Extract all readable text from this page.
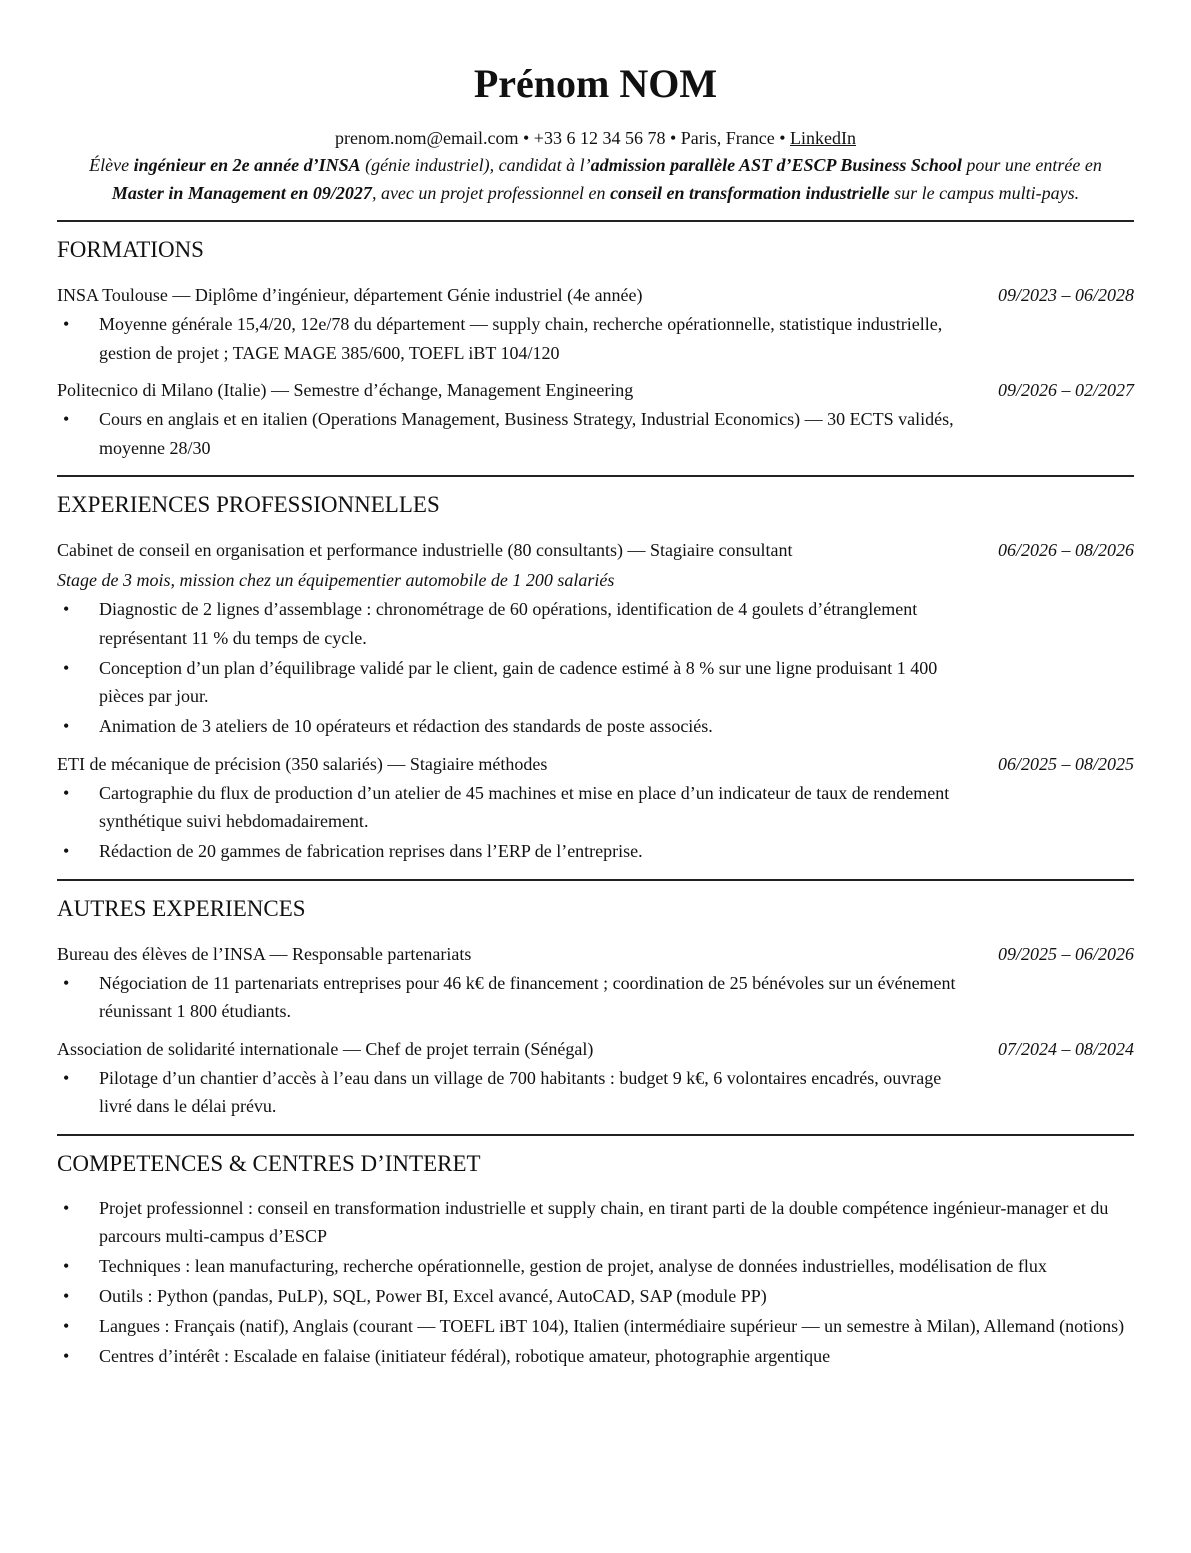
Prénom NOM
prenom.nom@email.com • +33 6 12 34 56 78 • Paris, France • LinkedIn
Élève ingénieur en 2e année d’INSA (génie industriel), candidat à l’admission parallèle AST d’ESCP Business School pour une entrée en Master in Management en 09/2027, avec un projet professionnel en conseil en transformation industrielle sur le campus multi-pays.
FORMATIONS
INSA Toulouse — Diplôme d’ingénieur, département Génie industriel (4e année)	09/2023 – 06/2028
• Moyenne générale 15,4/20, 12e/78 du département — supply chain, recherche opérationnelle, statistique industrielle, gestion de projet ; TAGE MAGE 385/600, TOEFL iBT 104/120
Politecnico di Milano (Italie) — Semestre d’échange, Management Engineering	09/2026 – 02/2027
• Cours en anglais et en italien (Operations Management, Business Strategy, Industrial Economics) — 30 ECTS validés, moyenne 28/30
EXPERIENCES PROFESSIONNELLES
Cabinet de conseil en organisation et performance industrielle (80 consultants) — Stagiaire consultant	06/2026 – 08/2026
Stage de 3 mois, mission chez un équipementier automobile de 1 200 salariés
• Diagnostic de 2 lignes d’assemblage : chronométrage de 60 opérations, identification de 4 goulets d’étranglement représentant 11 % du temps de cycle.
• Conception d’un plan d’équilibrage validé par le client, gain de cadence estimé à 8 % sur une ligne produisant 1 400 pièces par jour.
• Animation de 3 ateliers de 10 opérateurs et rédaction des standards de poste associés.
ETI de mécanique de précision (350 salariés) — Stagiaire méthodes	06/2025 – 08/2025
• Cartographie du flux de production d’un atelier de 45 machines et mise en place d’un indicateur de taux de rendement synthétique suivi hebdomadairement.
• Rédaction de 20 gammes de fabrication reprises dans l’ERP de l’entreprise.
AUTRES EXPERIENCES
Bureau des élèves de l’INSA — Responsable partenariats	09/2025 – 06/2026
• Négociation de 11 partenariats entreprises pour 46 k€ de financement ; coordination de 25 bénévoles sur un événement réunissant 1 800 étudiants.
Association de solidarité internationale — Chef de projet terrain (Sénégal)	07/2024 – 08/2024
• Pilotage d’un chantier d’accès à l’eau dans un village de 700 habitants : budget 9 k€, 6 volontaires encadrés, ouvrage livré dans le délai prévu.
COMPETENCES & CENTRES D’INTERET
• Projet professionnel : conseil en transformation industrielle et supply chain, en tirant parti de la double compétence ingénieur-manager et du parcours multi-campus d’ESCP
• Techniques : lean manufacturing, recherche opérationnelle, gestion de projet, analyse de données industrielles, modélisation de flux
• Outils : Python (pandas, PuLP), SQL, Power BI, Excel avancé, AutoCAD, SAP (module PP)
• Langues : Français (natif), Anglais (courant — TOEFL iBT 104), Italien (intermédiaire supérieur — un semestre à Milan), Allemand (notions)
• Centres d’intérêt : Escalade en falaise (initiateur fédéral), robotique amateur, photographie argentique
